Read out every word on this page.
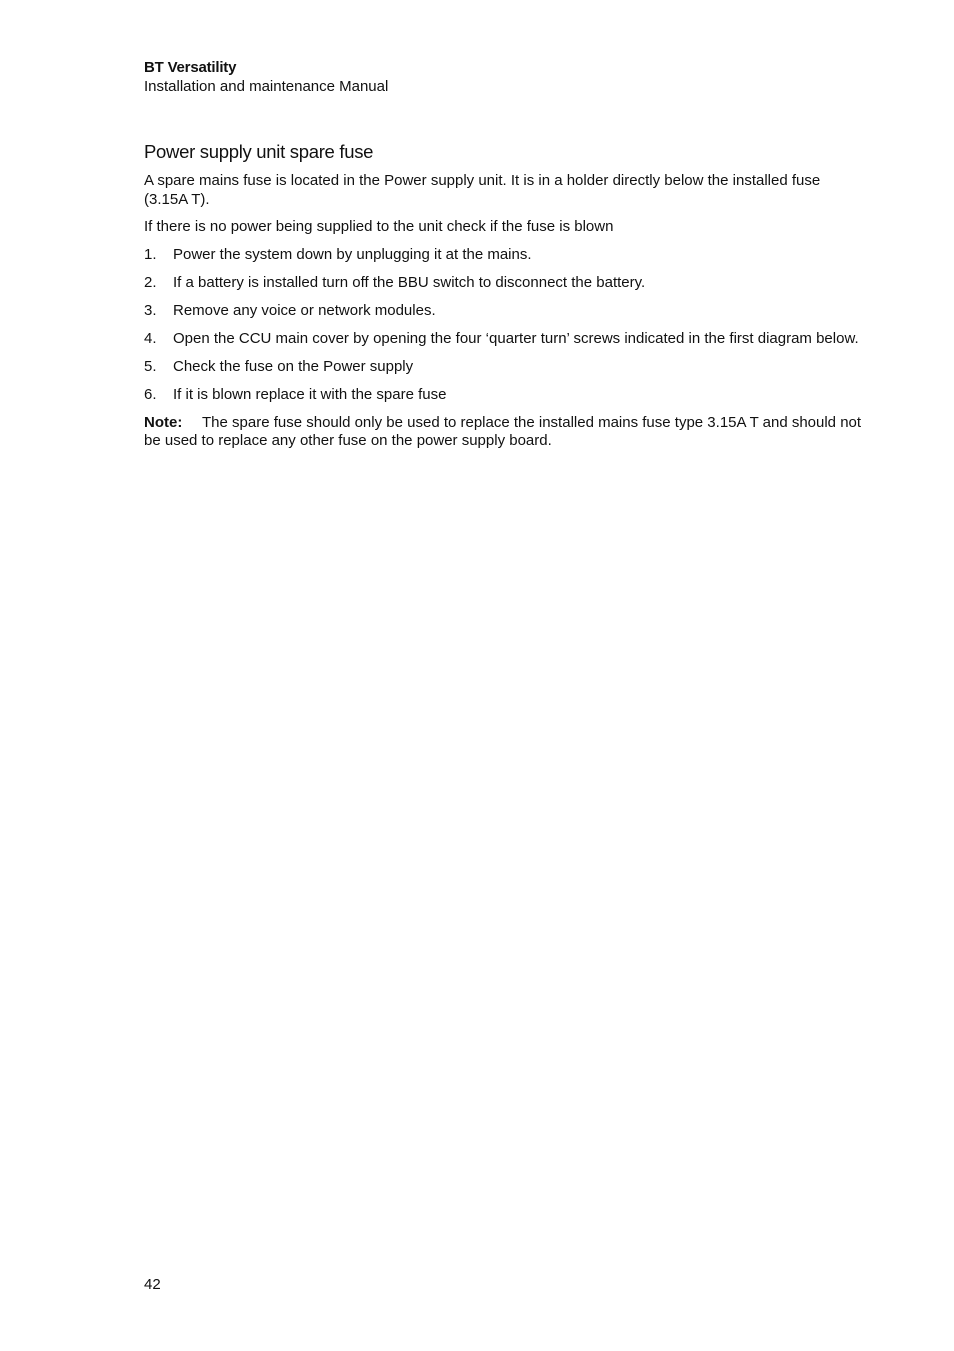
BT Versatility
Installation and maintenance Manual
Power supply unit spare fuse

A spare mains fuse is located in the Power supply unit. It is in a holder directly below the installed fuse (3.15A T).

If there is no power being supplied to the unit check if the fuse is blown

1.	Power the system down by unplugging it at the mains.
2.	If a battery is installed turn off the BBU switch to disconnect the battery.
3.	Remove any voice or network modules.
4.	Open the CCU main cover by opening the four ‘quarter turn’ screws indicated in the first diagram below.
5.	Check the fuse on the Power supply
6.	If it is blown replace it with the spare fuse

Note: The spare fuse should only be used to replace the installed mains fuse type 3.15A T and should not be used to replace any other fuse on the power supply board.

42
